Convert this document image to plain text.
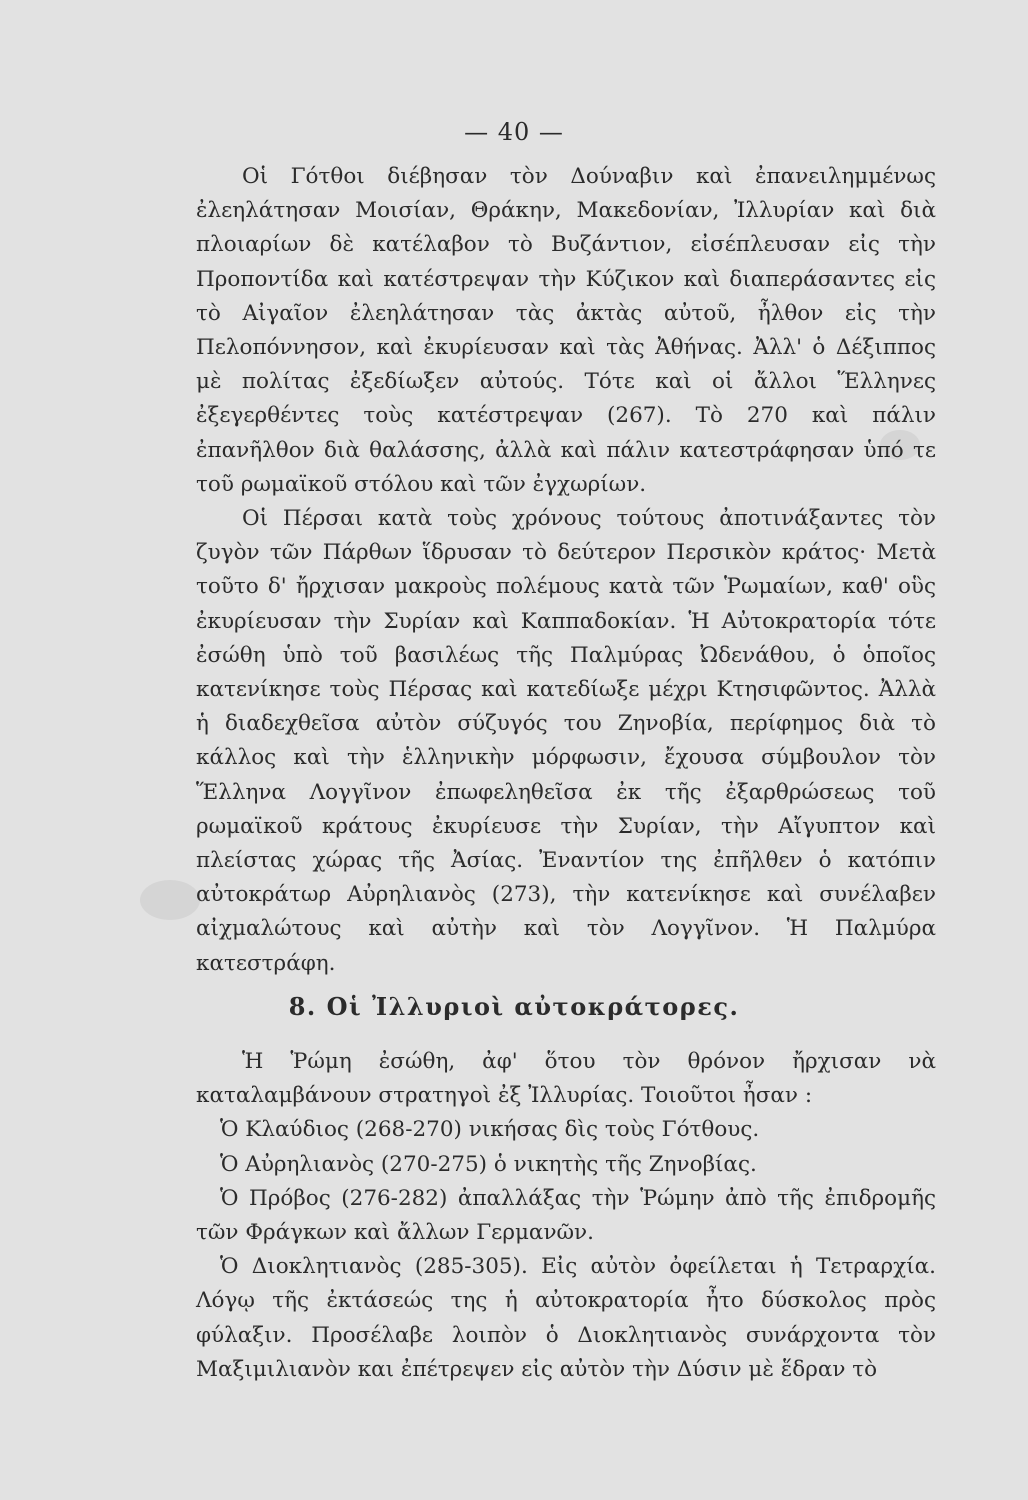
— 40 —

Οἱ Γότθοι διέβησαν τὸν Δούναβιν καὶ ἐπανειλημμένως ἐλεηλάτησαν Μοισίαν, Θράκην, Μακεδονίαν, Ἰλλυρίαν καὶ διὰ πλοιαρίων δὲ κατέλαβον τὸ Βυζάντιον, εἰσέπλευσαν εἰς τὴν Προποντίδα καὶ κατέστρεψαν τὴν Κύζικον καὶ διαπεράσαντες εἰς τὸ Αἰγαῖον ἐλεηλάτησαν τὰς ἀκτὰς αὐτοῦ, ἦλθον εἰς τὴν Πελοπόννησον, καὶ ἐκυρίευσαν καὶ τὰς Ἀθήνας. Ἀλλ' ὁ Δέξιππος μὲ πολίτας ἐξεδίωξεν αὐτούς. Τότε καὶ οἱ ἄλλοι Ἕλληνες ἐξεγερθέντες τοὺς κατέστρεψαν (267). Τὸ 270 καὶ πάλιν ἐπανῆλθον διὰ θαλάσσης, ἀλλὰ καὶ πάλιν κατεστράφησαν ὑπό τε τοῦ ρωμαϊκοῦ στόλου καὶ τῶν ἐγχωρίων.

Οἱ Πέρσαι κατὰ τοὺς χρόνους τούτους ἀποτινάξαντες τὸν ζυγὸν τῶν Πάρθων ἵδρυσαν τὸ δεύτερον Περσικὸν κράτος· Μετὰ τοῦτο δ' ἤρχισαν μακροὺς πολέμους κατὰ τῶν Ῥωμαίων, καθ' οὓς ἐκυρίευσαν τὴν Συρίαν καὶ Καππαδοκίαν. Ἡ Αὐτοκρατορία τότε ἐσώθη ὑπὸ τοῦ βασιλέως τῆς Παλμύρας Ὠδενάθου, ὁ ὁποῖος κατενίκησε τοὺς Πέρσας καὶ κατεδίωξε μέχρι Κτησιφῶντος. Ἀλλὰ ἡ διαδεχθεῖσα αὐτὸν σύζυγός του Ζηνοβία, περίφημος διὰ τὸ κάλλος καὶ τὴν ἑλληνικὴν μόρφωσιν, ἔχουσα σύμβουλον τὸν Ἕλληνα Λογγῖνον ἐπωφεληθεῖσα ἐκ τῆς ἐξαρθρώσεως τοῦ ρωμαϊκοῦ κράτους ἐκυρίευσε τὴν Συρίαν, τὴν Αἴγυπτον καὶ πλείστας χώρας τῆς Ἀσίας. Ἐναντίον της ἐπῆλθεν ὁ κατόπιν αὐτοκράτωρ Αὐρηλιανὸς (273), τὴν κατενίκησε καὶ συνέλαβεν αἰχμαλώτους καὶ αὐτὴν καὶ τὸν Λογγῖνον. Ἡ Παλμύρα κατεστράφη.

8. Οἱ Ἰλλυριοὶ αὐτοκράτορες.

Ἡ Ῥώμη ἐσώθη, ἀφ' ὅτου τὸν θρόνον ἤρχισαν νὰ καταλαμβάνουν στρατηγοὶ ἐξ Ἰλλυρίας. Τοιοῦτοι ἦσαν :

Ὁ Κλαύδιος (268-270) νικήσας δὶς τοὺς Γότθους.

Ὁ Αὐρηλιανὸς (270-275) ὁ νικητὴς τῆς Ζηνοβίας.

Ὁ Πρόβος (276-282) ἀπαλλάξας τὴν Ῥώμην ἀπὸ τῆς ἐπιδρομῆς τῶν Φράγκων καὶ ἄλλων Γερμανῶν.

Ὁ Διοκλητιανὸς (285-305). Εἰς αὐτὸν ὀφείλεται ἡ Τετραρχία. Λόγῳ τῆς ἐκτάσεώς της ἡ αὐτοκρατορία ἦτο δύσκολος πρὸς φύλαξιν. Προσέλαβε λοιπὸν ὁ Διοκλητιανὸς συνάρχοντα τὸν Μαξιμιλιανὸν και ἐπέτρεψεν εἰς αὐτὸν τὴν Δύσιν μὲ ἕδραν τὸ
